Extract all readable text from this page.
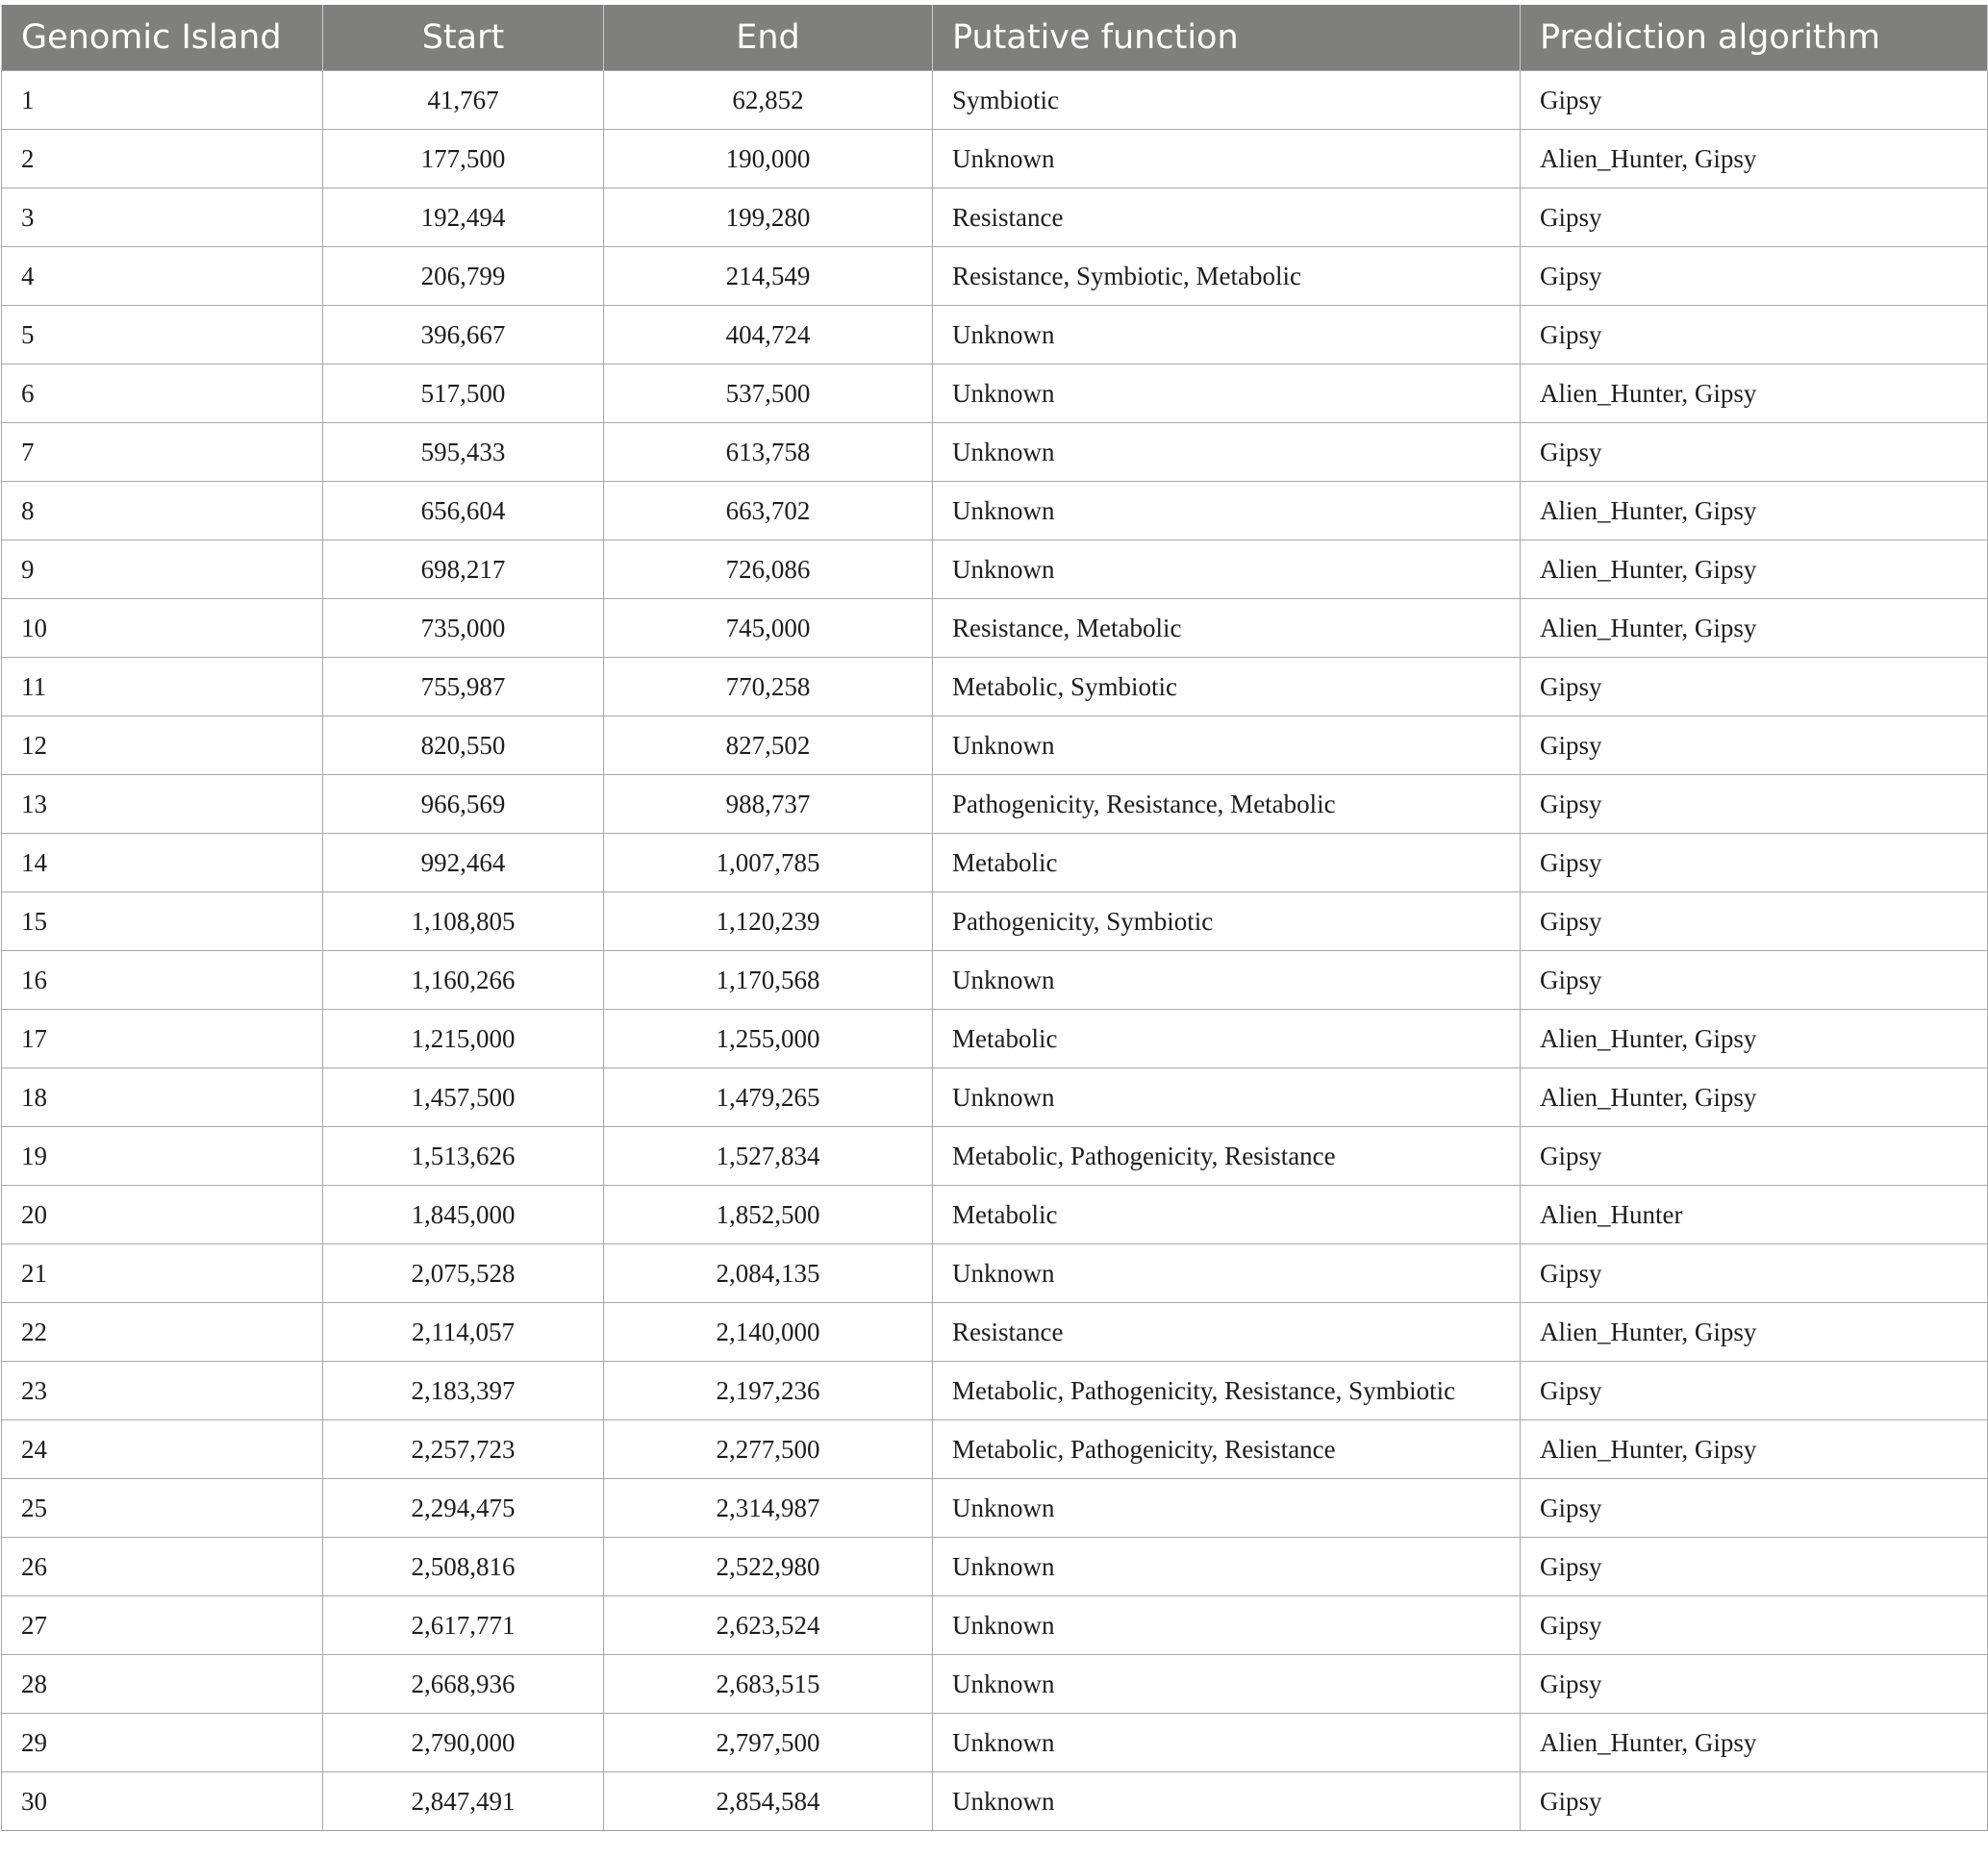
Genomic Island	Start	End	Putative function	Prediction algorithm
1	41,767	62,852	Symbiotic	Gipsy
2	177,500	190,000	Unknown	Alien_Hunter, Gipsy
3	192,494	199,280	Resistance	Gipsy
4	206,799	214,549	Resistance, Symbiotic, Metabolic	Gipsy
5	396,667	404,724	Unknown	Gipsy
6	517,500	537,500	Unknown	Alien_Hunter, Gipsy
7	595,433	613,758	Unknown	Gipsy
8	656,604	663,702	Unknown	Alien_Hunter, Gipsy
9	698,217	726,086	Unknown	Alien_Hunter, Gipsy
10	735,000	745,000	Resistance, Metabolic	Alien_Hunter, Gipsy
11	755,987	770,258	Metabolic, Symbiotic	Gipsy
12	820,550	827,502	Unknown	Gipsy
13	966,569	988,737	Pathogenicity, Resistance, Metabolic	Gipsy
14	992,464	1,007,785	Metabolic	Gipsy
15	1,108,805	1,120,239	Pathogenicity, Symbiotic	Gipsy
16	1,160,266	1,170,568	Unknown	Gipsy
17	1,215,000	1,255,000	Metabolic	Alien_Hunter, Gipsy
18	1,457,500	1,479,265	Unknown	Alien_Hunter, Gipsy
19	1,513,626	1,527,834	Metabolic, Pathogenicity, Resistance	Gipsy
20	1,845,000	1,852,500	Metabolic	Alien_Hunter
21	2,075,528	2,084,135	Unknown	Gipsy
22	2,114,057	2,140,000	Resistance	Alien_Hunter, Gipsy
23	2,183,397	2,197,236	Metabolic, Pathogenicity, Resistance, Symbiotic	Gipsy
24	2,257,723	2,277,500	Metabolic, Pathogenicity, Resistance	Alien_Hunter, Gipsy
25	2,294,475	2,314,987	Unknown	Gipsy
26	2,508,816	2,522,980	Unknown	Gipsy
27	2,617,771	2,623,524	Unknown	Gipsy
28	2,668,936	2,683,515	Unknown	Gipsy
29	2,790,000	2,797,500	Unknown	Alien_Hunter, Gipsy
30	2,847,491	2,854,584	Unknown	Gipsy
